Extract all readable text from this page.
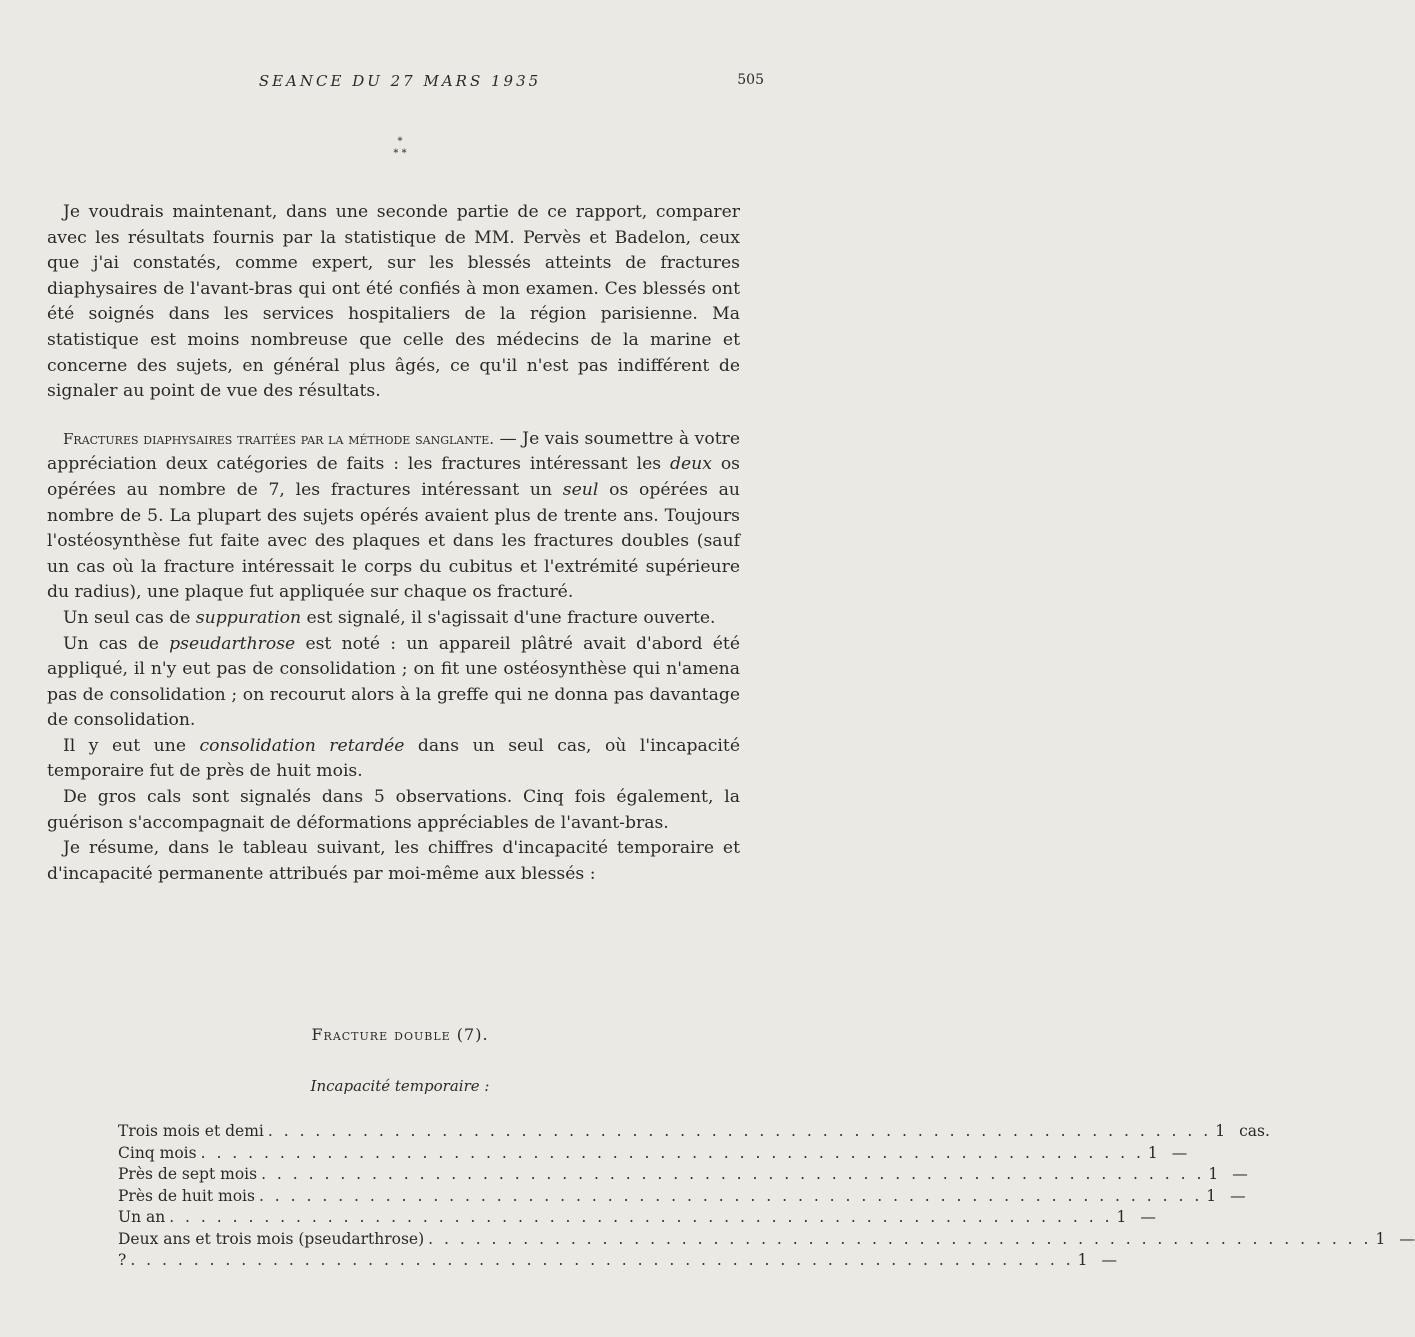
SEANCE DU 27 MARS 1935	505
*
* *

Je voudrais maintenant, dans une seconde partie de ce rapport, comparer avec les résultats fournis par la statistique de MM. Pervès et Badelon, ceux que j'ai constatés, comme expert, sur les blessés atteints de fractures diaphysaires de l'avant-bras qui ont été confiés à mon examen. Ces blessés ont été soignés dans les services hospitaliers de la région parisienne. Ma statistique est moins nombreuse que celle des médecins de la marine et concerne des sujets, en général plus âgés, ce qu'il n'est pas indifférent de signaler au point de vue des résultats.

Fractures diaphysaires traitées par la méthode sanglante. — Je vais soumettre à votre appréciation deux catégories de faits : les fractures intéressant les deux os opérées au nombre de 7, les fractures intéressant un seul os opérées au nombre de 5. La plupart des sujets opérés avaient plus de trente ans. Toujours l'ostéosynthèse fut faite avec des plaques et dans les fractures doubles (sauf un cas où la fracture intéressait le corps du cubitus et l'extrémité supérieure du radius), une plaque fut appliquée sur chaque os fracturé.

Un seul cas de suppuration est signalé, il s'agissait d'une fracture ouverte.

Un cas de pseudarthrose est noté : un appareil plâtré avait d'abord été appliqué, il n'y eut pas de consolidation ; on fit une ostéosynthèse qui n'amena pas de consolidation ; on recourut alors à la greffe qui ne donna pas davantage de consolidation.

Il y eut une consolidation retardée dans un seul cas, où l'incapacité temporaire fut de près de huit mois.

De gros cals sont signalés dans 5 observations. Cinq fois également, la guérison s'accompagnait de déformations appréciables de l'avant-bras.

Je résume, dans le tableau suivant, les chiffres d'incapacité temporaire et d'incapacité permanente attribués par moi-même aux blessés :

Fracture double (7).
Incapacité temporaire :
Trois mois et demi . . . . . . . . . . . . . . . . . . . . . . . . . . . . . . . . . . . . . . . . . . . . . . . . . . . . . . . . . . . . 1 cas.
Cinq mois . . . . . . . . . . . . . . . . . . . . . . . . . . . . . . . . . . . . . . . . . . . . . . . . . . . . . . . . . . . . 1 —
Près de sept mois . . . . . . . . . . . . . . . . . . . . . . . . . . . . . . . . . . . . . . . . . . . . . . . . . . . . . . . . . . . . 1 —
Près de huit mois . . . . . . . . . . . . . . . . . . . . . . . . . . . . . . . . . . . . . . . . . . . . . . . . . . . . . . . . . . . . 1 —
Un an . . . . . . . . . . . . . . . . . . . . . . . . . . . . . . . . . . . . . . . . . . . . . . . . . . . . . . . . . . . . 1 —
Deux ans et trois mois (pseudarthrose) . . . . . . . . . . . . . . . . . . . . . . . . . . . . . . . . . . . . . . . . . . . . . . . . . . . . . . . . . . . . 1 —
? . . . . . . . . . . . . . . . . . . . . . . . . . . . . . . . . . . . . . . . . . . . . . . . . . . . . . . . . . . . . 1 —
